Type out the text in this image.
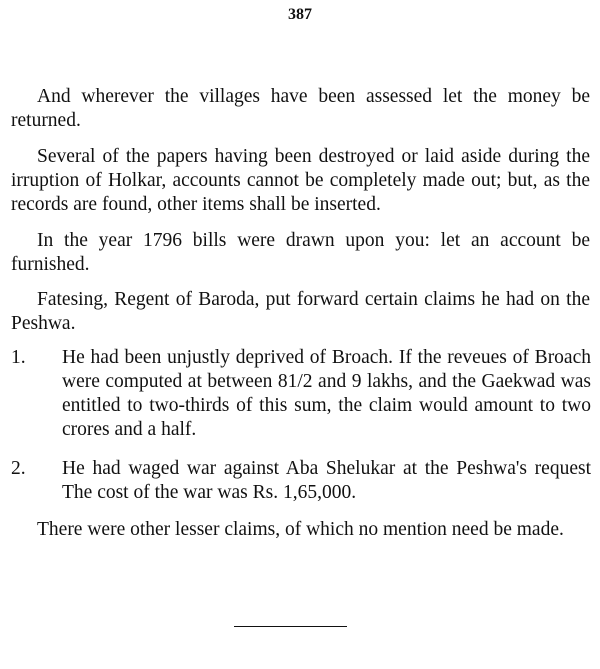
387

And wherever the villages have been assessed let the money be returned.

Several of the papers having been destroyed or laid aside during the irruption of Holkar, accounts cannot be completely made out; but, as the records are found, other items shall be inserted.

In the year 1796 bills were drawn upon you: let an account be furnished.

Fatesing, Regent of Baroda, put forward certain claims he had on the Peshwa.

1. He had been unjustly deprived of Broach. If the reveues of Broach were computed at between 81/2 and 9 lakhs, and the Gaekwad was entitled to two-thirds of this sum, the claim would amount to two crores and a half.
2. He had waged war against Aba Shelukar at the Peshwa's request The cost of the war was Rs. 1,65,000.

There were other lesser claims, of which no mention need be made.
